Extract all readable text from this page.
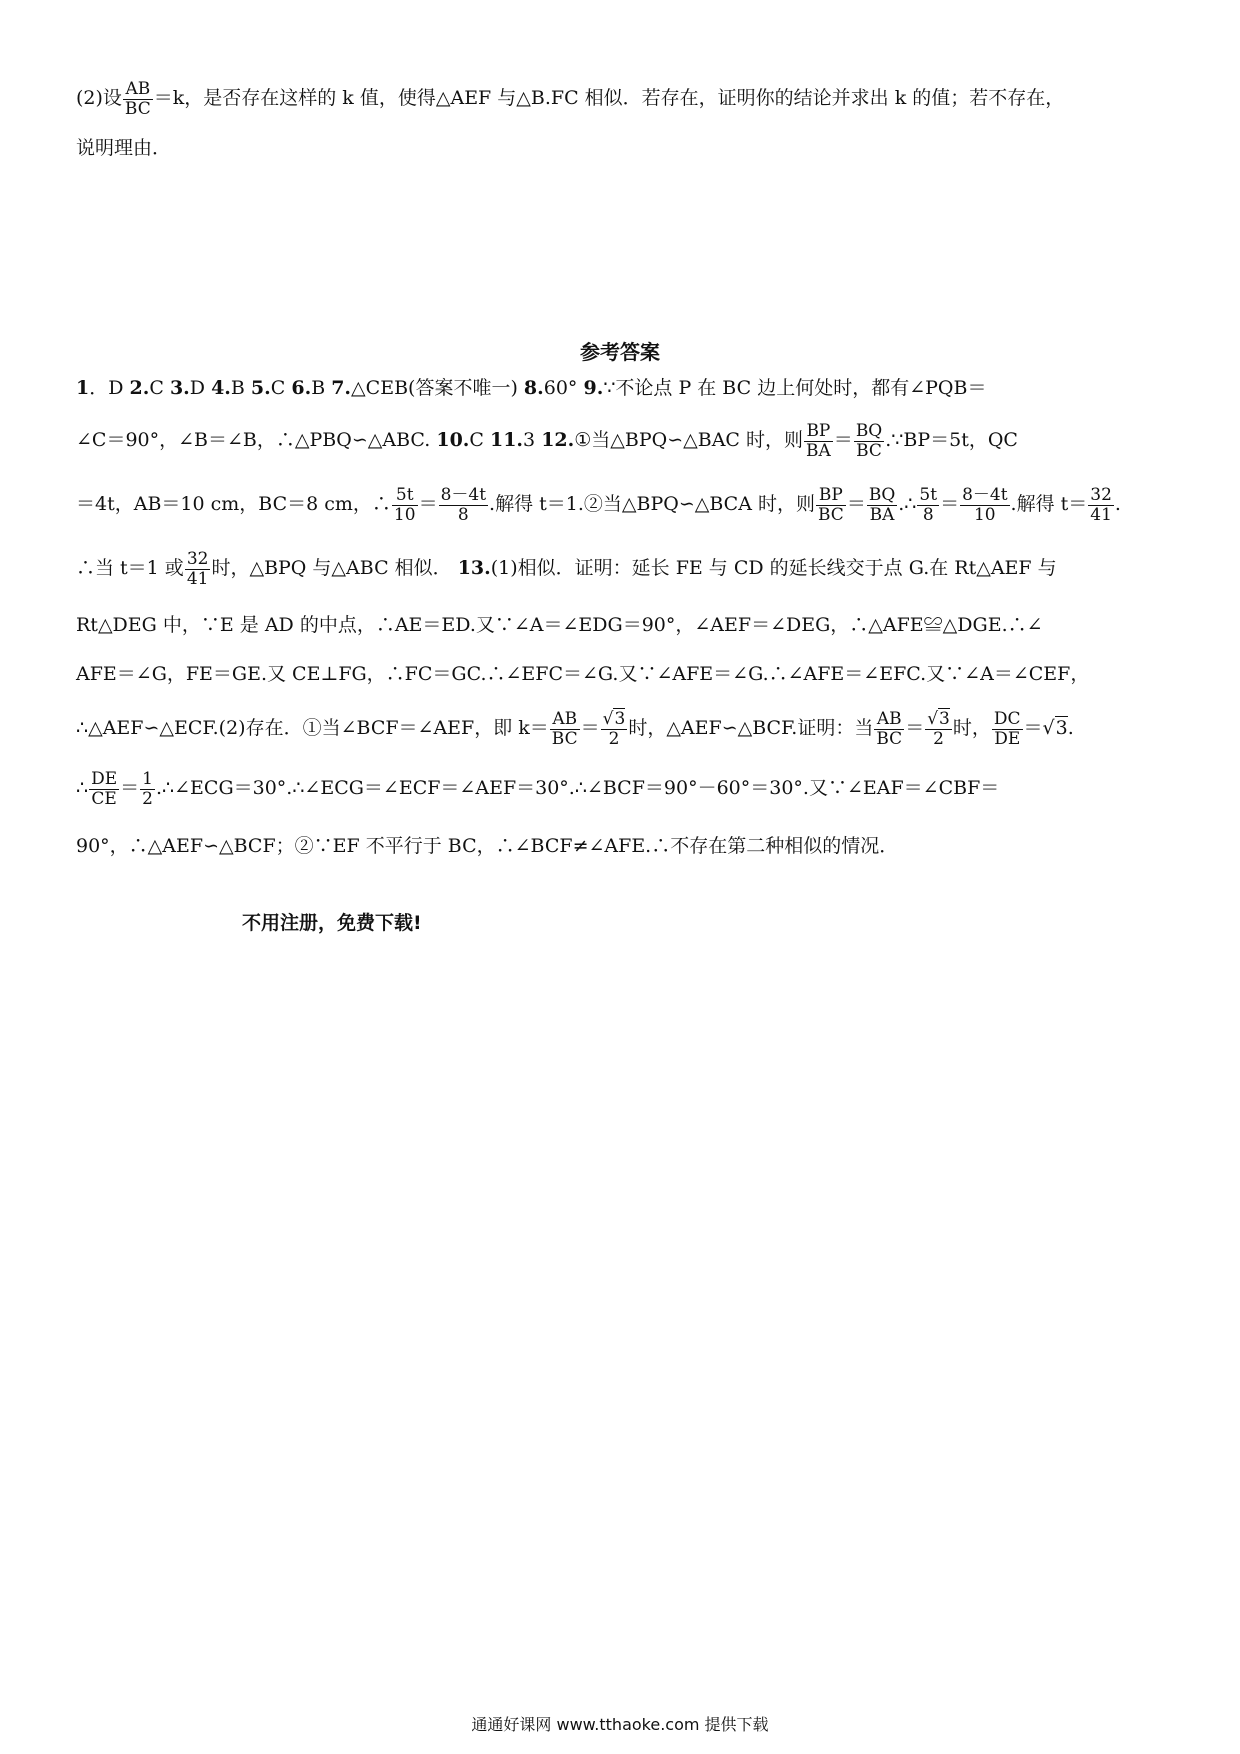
(2)设 $\frac{AB}{BC} =k$，是否存在这样的 k 值，使得△AEF 与△B.FC 相似．若存在，证明你的结论并求出 k 的值；若不存在，
说明理由．
参考答案
1．D 2.C 3.D 4.B 5.C 6.B 7.△CEB(答案不唯一) 8.60° 9.∵不论点 P 在 BC 边上何处时，都有∠PQB＝
∠C＝90°，∠B＝∠B，∴△PBQ∽△ABC. 10.C 11.3 12.①当△BPQ∽△BAC 时，则 $\frac{BP}{BA} = \frac{BQ}{BC}$ .∵BP＝5t，QC
＝4t，AB＝10 cm，BC＝8 cm，∴ $\frac{5t}{10} = \frac{8-4t}{8}$ .解得 t＝1.②当△BPQ∽△BCA 时，则 $\frac{BP}{BC} = \frac{BQ}{BA}$ .∴ $\frac{5t}{8} = \frac{8-4t}{10}$ .解得 $t= \frac{32}{41}$ .
∴当 t＝1 或 $\frac{32}{41}$ 时，△BPQ 与△ABC 相似． 13.(1)相似．证明：延长 FE 与 CD 的延长线交于点 G.在 Rt△AEF 与
Rt△DEG 中，∵E 是 AD 的中点，∴AE＝ED.又∵∠A＝∠EDG＝90°，∠AEF＝∠DEG，∴△AFE≌△DGE.∴∠
AFE＝∠G，FE＝GE.又 CE⊥FG，∴FC＝GC.∴∠EFC＝∠G.又∵∠AFE＝∠G.∴∠AFE＝∠EFC.又∵∠A＝∠CEF，
∴△AEF∽△ECF.(2)存在．①当∠BCF＝∠AEF，即 $k= \frac{AB}{BC} = \frac{√3}{2}$ 时，△AEF∽△BCF.证明：当 $\frac{AB}{BC} = \frac{√3}{2}$ 时， $\frac{DC}{DE} =√3$.
∴ $\frac{DE}{CE} = \frac{1}{2}$ .∴∠ECG＝30°.∴∠ECG＝∠ECF＝∠AEF＝30°.∴∠BCF＝90°－60°＝30°.又∵∠EAF＝∠CBF＝
90°，∴△AEF∽△BCF；②∵EF 不平行于 BC，∴∠BCF≠∠AFE.∴不存在第二种相似的情况．
不用注册，免费下载!
通通好课网 www.tthaoke.com 提供下载
